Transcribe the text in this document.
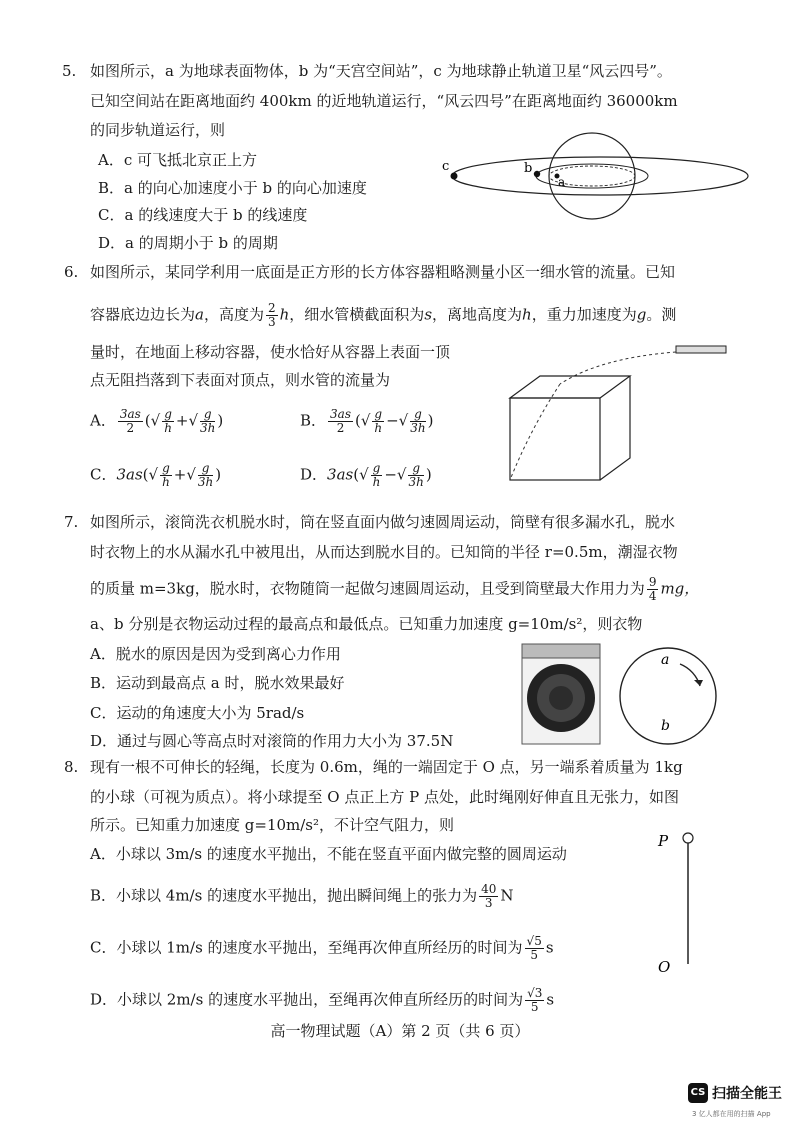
5. 如图所示，a 为地球表面物体，b 为“天宫空间站”，c 为地球静止轨道卫星“风云四号”。
已知空间站在距离地面约 400km 的近地轨道运行，“风云四号”在距离地面约 36000km
的同步轨道运行，则
A．c 可飞抵北京正上方
B．a 的向心加速度小于 b 的向心加速度
C．a 的线速度大于 b 的线速度
D．a 的周期小于 b 的周期
c	b
a
6. 如图所示，某同学利用一底面是正方形的长方体容器粗略测量小区一细水管的流量。已知
容器底边边长为a，高度为 $\frac{2}{3}$ h，细水管横截面积为s，离地高度为h，重力加速度为g。测
量时，在地面上移动容器，使水恰好从容器上表面一顶
点无阻挡落到下表面对顶点，则水管的流量为
A． $\frac{3as}{2}$ (√ $\frac{g}{h}$ +√ $\frac{g}{3h}$ )	B． $\frac{3as}{2}$ (√ $\frac{g}{h}$ −√ $\frac{g}{3h}$ )
C．$3as(√ \frac{g}{h}$ +√ $\frac{g}{3h}$ )	D．$3as(√ \frac{g}{h}$ −√ $\frac{g}{3h}$ )
7. 如图所示，滚筒洗衣机脱水时，筒在竖直面内做匀速圆周运动，筒壁有很多漏水孔，脱水
时衣物上的水从漏水孔中被甩出，从而达到脱水目的。已知筒的半径 r=0.5m，潮湿衣物
的质量 m=3kg，脱水时，衣物随筒一起做匀速圆周运动，且受到筒壁最大作用力为 $\frac{9}{4}$ mg，
a、b 分别是衣物运动过程的最高点和最低点。已知重力加速度 g=10m/s²，则衣物
A．脱水的原因是因为受到离心力作用
B．运动到最高点 a 时，脱水效果最好
C．运动的角速度大小为 5rad/s
D．通过与圆心等高点时对滚筒的作用力大小为 37.5N
a
b
8. 现有一根不可伸长的轻绳，长度为 0.6m，绳的一端固定于 O 点，另一端系着质量为 1kg
的小球（可视为质点）。将小球提至 O 点正上方 P 点处，此时绳刚好伸直且无张力，如图
所示。已知重力加速度 g=10m/s²，不计空气阻力，则
A．小球以 3m/s 的速度水平抛出，不能在竖直平面内做完整的圆周运动
B．小球以 4m/s 的速度水平抛出，抛出瞬间绳上的张力为 $\frac{40}{3}$ N
C．小球以 1m/s 的速度水平抛出，至绳再次伸直所经历的时间为 $\frac{√5}{5}$ s
D．小球以 2m/s 的速度水平抛出，至绳再次伸直所经历的时间为 $\frac{√3}{5}$ s
P
O
高一物理试题（A）第 2 页（共 6 页）
CS 扫描全能王
3 亿人都在用的扫描 App
